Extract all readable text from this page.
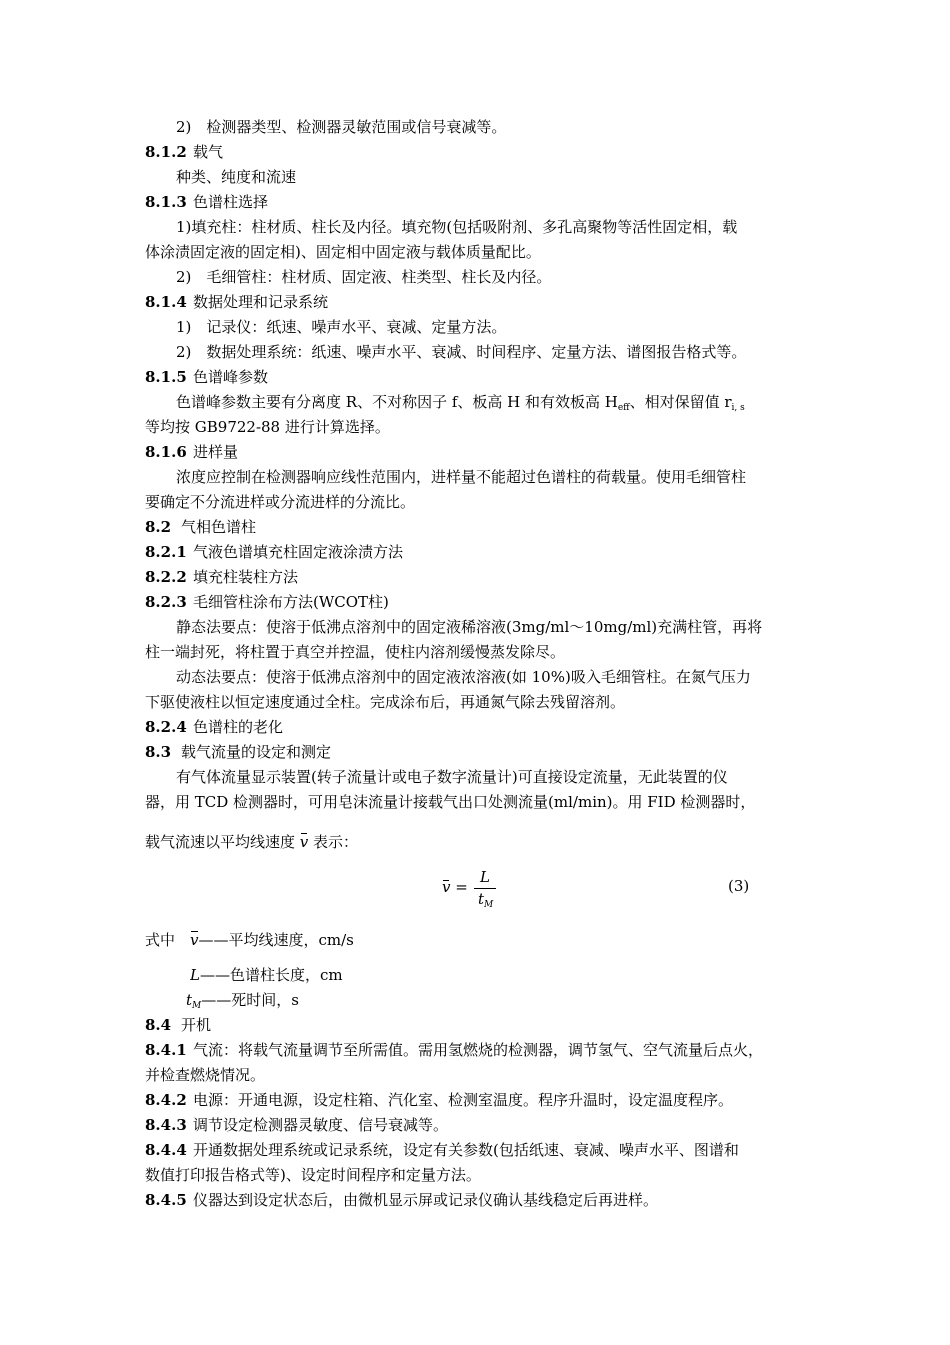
2)　检测器类型、检测器灵敏范围或信号衰减等。
8.1.2 载气
种类、纯度和流速
8.1.3 色谱柱选择
1)填充柱：柱材质、柱长及内径。填充物(包括吸附剂、多孔高聚物等活性固定相，载
体涂渍固定液的固定相)、固定相中固定液与载体质量配比。
2)　毛细管柱：柱材质、固定液、柱类型、柱长及内径。
8.1.4 数据处理和记录系统
1)　记录仪：纸速、噪声水平、衰减、定量方法。
2)　数据处理系统：纸速、噪声水平、衰减、时间程序、定量方法、谱图报告格式等。
8.1.5 色谱峰参数
色谱峰参数主要有分离度 R、不对称因子 f、板高 H 和有效板高 $H_{eff}$、相对保留值 $r_{i, s}$
等均按 GB9722-88 进行计算选择。
8.1.6 进样量
浓度应控制在检测器响应线性范围内，进样量不能超过色谱柱的荷载量。使用毛细管柱
要确定不分流进样或分流进样的分流比。
8.2 气相色谱柱
8.2.1 气液色谱填充柱固定液涂渍方法
8.2.2 填充柱装柱方法
8.2.3 毛细管柱涂布方法(WCOT柱)
静态法要点：使溶于低沸点溶剂中的固定液稀溶液(3mg/ml～10mg/ml)充满柱管，再将
柱一端封死，将柱置于真空并控温，使柱内溶剂缓慢蒸发除尽。
动态法要点：使溶于低沸点溶剂中的固定液浓溶液(如 10%)吸入毛细管柱。在氮气压力
下驱使液柱以恒定速度通过全柱。完成涂布后，再通氮气除去残留溶剂。
8.2.4 色谱柱的老化
8.3 载气流量的设定和测定
有气体流量显示装置(转子流量计或电子数字流量计)可直接设定流量，无此装置的仪
器，用 TCD 检测器时，可用皂沫流量计接载气出口处测流量(ml/min)。用 FID 检测器时，
载气流速以平均线速度 v 表示：
v =
L
$t_M$
(3)
式中　v——平均线速度，cm/s
L——色谱柱长度，cm
$t_M——$死时间，s
8.4 开机
8.4.1 气流：将载气流量调节至所需值。需用氢燃烧的检测器，调节氢气、空气流量后点火，
并检查燃烧情况。
8.4.2 电源：开通电源，设定柱箱、汽化室、检测室温度。程序升温时，设定温度程序。
8.4.3 调节设定检测器灵敏度、信号衰减等。
8.4.4 开通数据处理系统或记录系统，设定有关参数(包括纸速、衰减、噪声水平、图谱和
数值打印报告格式等)、设定时间程序和定量方法。
8.4.5 仪器达到设定状态后，由微机显示屏或记录仪确认基线稳定后再进样。
